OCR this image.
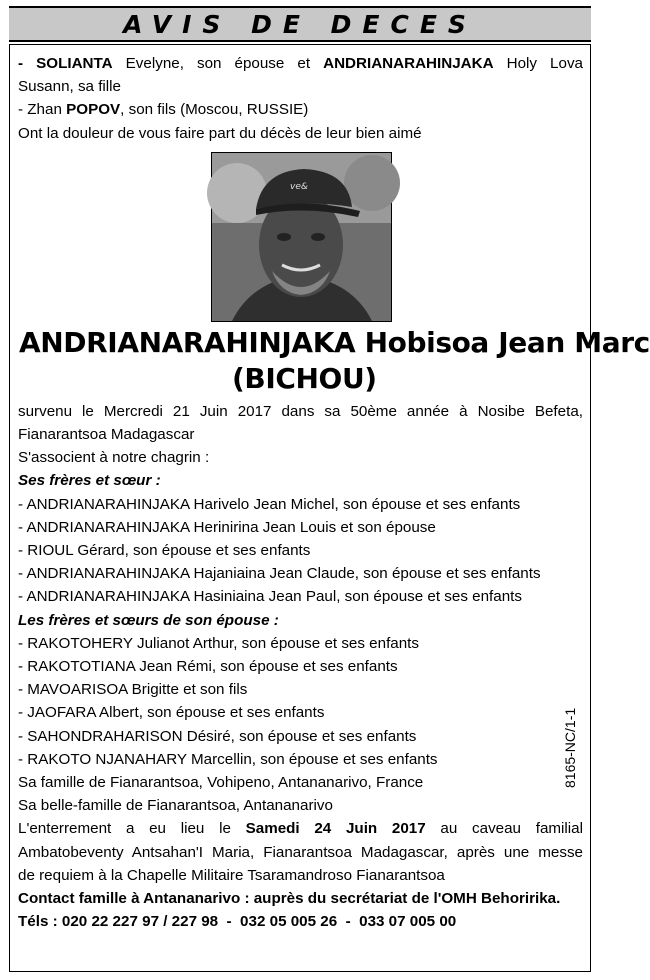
AVIS DE DECES

- SOLIANTA Evelyne, son épouse et ANDRIANARAHINJAKA Holy Lova

Susann, sa fille

- Zhan POPOV, son fils (Moscou, RUSSIE)

Ont la douleur de vous faire part du décès de leur bien aimé

ve&
ANDRIANARAHINJAKA Hobisoa Jean Marc
(BICHOU)

survenu le Mercredi 21 Juin 2017 dans sa 50ème année à Nosibe Befeta,

Fianarantsoa Madagascar

S'associent à notre chagrin :

Ses frères et sœur :

- ANDRIANARAHINJAKA Harivelo Jean Michel, son épouse et ses enfants

- ANDRIANARAHINJAKA Herinirina Jean Louis et son épouse

- RIOUL Gérard, son épouse et ses enfants

- ANDRIANARAHINJAKA Hajaniaina Jean Claude, son épouse et ses enfants

- ANDRIANARAHINJAKA Hasiniaina Jean Paul, son épouse et ses enfants

Les frères et sœurs de son épouse :

- RAKOTOHERY Julianot Arthur, son épouse et ses enfants

- RAKOTOTIANA Jean Rémi, son épouse et ses enfants

- MAVOARISOA Brigitte et son fils

- JAOFARA Albert, son épouse et ses enfants

- SAHONDRAHARISON Désiré, son épouse et ses enfants

- RAKOTO NJANAHARY Marcellin, son épouse et ses enfants

Sa famille de Fianarantsoa, Vohipeno, Antananarivo, France

Sa belle-famille de Fianarantsoa, Antananarivo

L'enterrement a eu lieu le Samedi 24 Juin 2017 au caveau familial

Ambatobeventy Antsahan'I Maria, Fianarantsoa Madagascar, après une messe

de requiem à la Chapelle Militaire Tsaramandroso Fianarantsoa

Contact famille à Antananarivo : auprès du secrétariat de l'OMH Behoririka.

Téls : 020 22 227 97 / 227 98  -  032 05 005 26  -  033 07 005 00

8165-NC/1-1
